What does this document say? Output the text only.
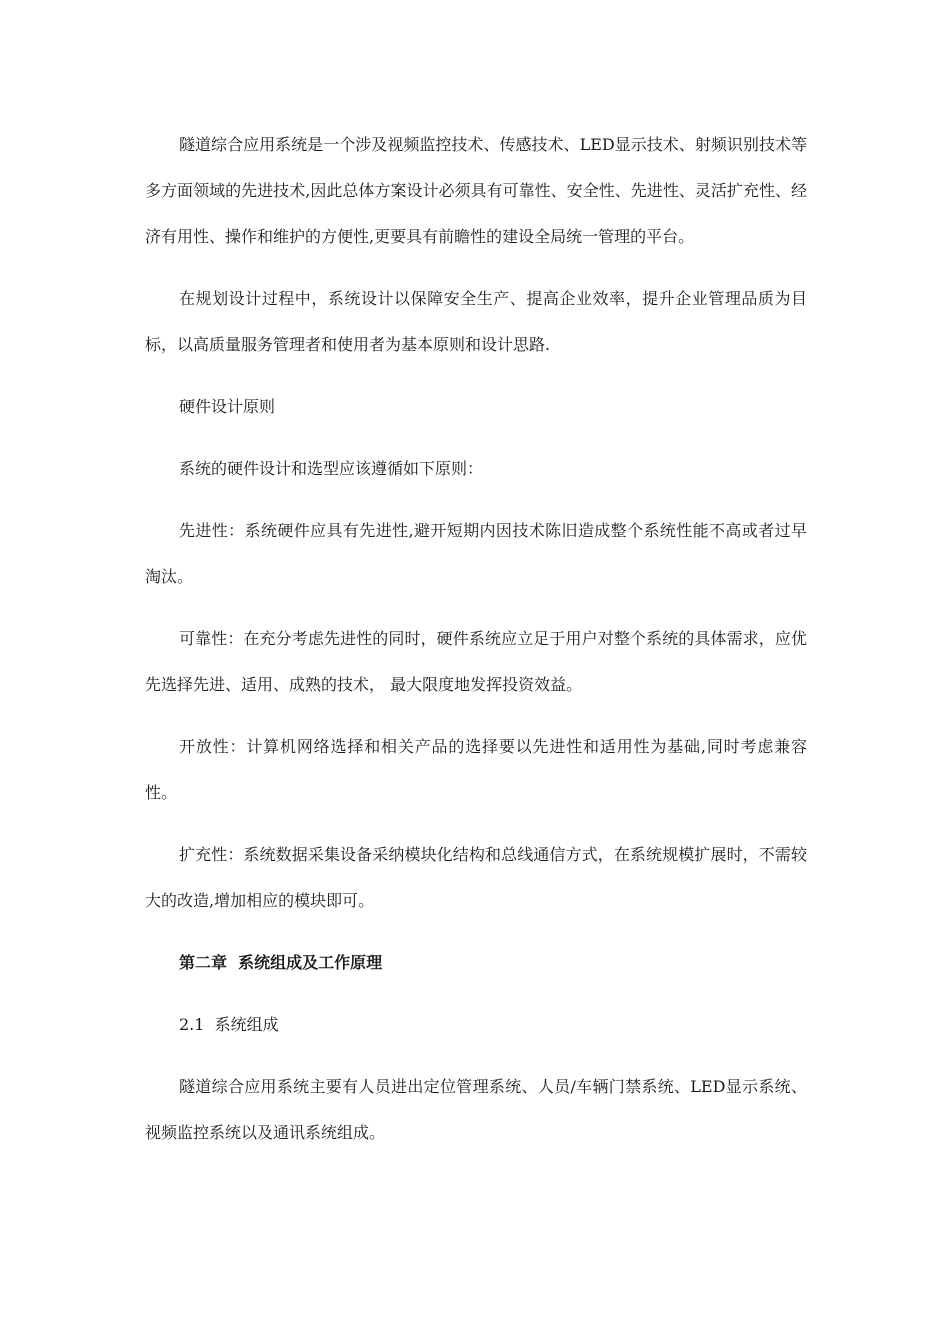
隧道综合应用系统是一个涉及视频监控技术、传感技术、LED显示技术、射频识别技术等多方面领域的先进技术,因此总体方案设计必须具有可靠性、安全性、先进性、灵活扩充性、经济有用性、操作和维护的方便性,更要具有前瞻性的建设全局统一管理的平台。

在规划设计过程中，系统设计以保障安全生产、提高企业效率，提升企业管理品质为目标，以高质量服务管理者和使用者为基本原则和设计思路.

硬件设计原则

系统的硬件设计和选型应该遵循如下原则：

先进性：系统硬件应具有先进性,避开短期内因技术陈旧造成整个系统性能不高或者过早淘汰。

可靠性：在充分考虑先进性的同时，硬件系统应立足于用户对整个系统的具体需求，应优先选择先进、适用、成熟的技术， 最大限度地发挥投资效益。

开放性：计算机网络选择和相关产品的选择要以先进性和适用性为基础,同时考虑兼容性。

扩充性：系统数据采集设备采纳模块化结构和总线通信方式，在系统规模扩展时，不需较大的改造,增加相应的模块即可。

第二章  系统组成及工作原理

2.1  系统组成

隧道综合应用系统主要有人员进出定位管理系统、人员/车辆门禁系统、LED显示系统、视频监控系统以及通讯系统组成。
